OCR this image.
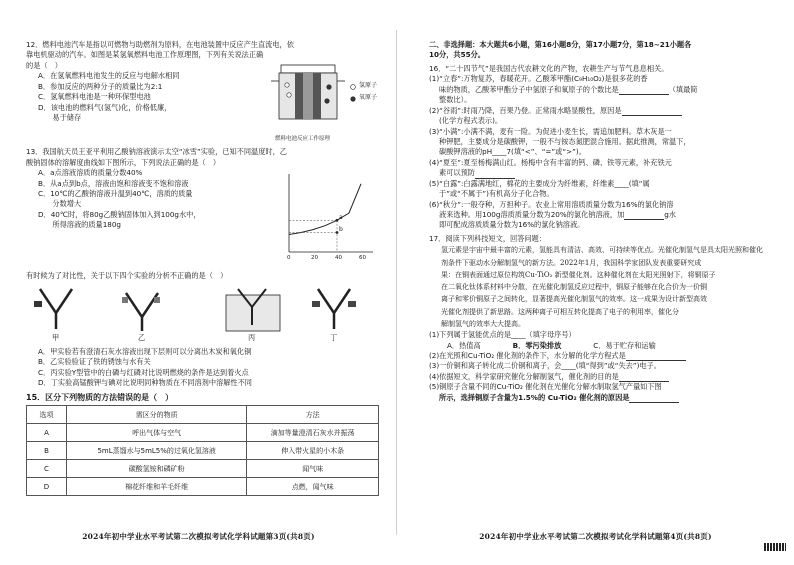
12．燃料电池汽车是指以可燃物与助燃剂为原料，在电池装置中反应产生直流电，依
靠电机驱动的汽车。如图是某氢氧燃料电池工作原理图，下列有关说法正确
的是（　）
A．在氢氧燃料电池发生的反应与电解水相同
B．参加反应的两种分子的质量比为2:1
C．氢氧燃料电池是一种环保型电池
D．该电池的燃料气(氢气)化，价格低廉，
　　易于储存
氢原子
氧原子
燃料电池反应工作原理
13．我国航天员王亚平利用乙酸钠溶液演示太空“冰雪”实验，已知不同温度时，乙
酸钠固体的溶解度曲线如下图所示，下列说法正确的是（　）
A．a点溶液溶质的质量分数40%
B．从a点到b点，溶液由饱和溶液变不饱和溶液
C．10℃的乙酸钠溶液升温到40℃，溶质的质量
　　分数增大
D．40℃时，将80g乙酸钠固体加入到100g水中，
　　所得溶液的质量180g
a
b
0	20	40	60
有时候为了对比性，关于以下四个实验的分析不正确的是（　）
甲	乙	丙	丁
A．甲实验若有澄清石灰水溶液出现下层则可以分离出木炭和氧化铜
B．乙实验验证了铁的锈蚀与水有关
C．丙实验Y型管中的白磷与红磷对比说明燃烧的条件是达到着火点
D．丁实验高锰酸钾与碘对比说明同种物质在不同溶剂中溶解性不同
15．区分下列物质的方法错误的是（　）
选项	需区分的物质	方法
A	呼出气体与空气	滴加等量澄清石灰水并振荡
B	5mL蒸馏水与5mL5%的过氧化氢溶液	伸入带火星的小木条
C	碳酸氢铵和磷矿粉	闻气味
D	棉花纤维和羊毛纤维	点燃，闻气味
2024年初中学业水平考试第二次模拟考试化学科试题第3页(共8页)
二、非选择题：本大题共6小题，第16小题8分，第17小题7分，第18~21小题各
10分，共55分。
16．“二十四节气”是我国古代农耕文化的产物，农耕生产与节气息息相关。
(1)“立春”:万物复苏，春暖花开。乙酸苯甲酯(C₉H₁₀O₂)是很多花的香
味的物质，乙酸苯甲酯分子中氢原子和氧原子的个数比是	（填最简
整数比）。
(2)“谷雨”:时雨乃降，百果乃登。正常雨水略显酸性，原因是
(化学方程式表示)。
(3)“小满”:小满不满，麦有一险。为促进小麦生长，需追加肥料。草木灰是一
种钾肥，主要成分是碳酸钾，一般不与铵态氮肥混合施用。据此推测，常温下，
碳酸钾溶液的pH____7(填“<”、“=”或“>”)。
(4)“夏至”:夏至杨梅满山红。杨梅中含有丰富的钙、磷、铁等元素，补充铁元
素可以预防
(5)“白露”:白露满地红，棉花的主要成分为纤维素，纤维素____(填“属
于”或“不属于”)有机高分子化合物。
(6)“秋分”:一般夺种，万担种子。农业上常用溶质质量分数为16%的氯化钠溶
液来选种。用100g溶质质量分数为20%的氯化钠溶液，加	g水
即可配成溶质质量分数为16%的氯化钠溶液。
17．阅读下列科技短文，回答问题：
氢元素是宇宙中最丰富的元素，氢能具有清洁、高效、可持续等优点。光催化制氢气是具太阳光照和催化
剂条件下驱动水分解制氢气的新方法。2022年1月，我国科学家团队发表重要研究成
果：在铜表面通过原位构筑Cu-TiO₂ 新型催化剂。这种催化剂在太阳光照射下，将铜原子
在二氧化钛体系材料中分散，在光催化制氢反应过程中，铜原子能够在化合价为一价铜
离子和零价铜原子之间转化，显著提高光催化制氢气的效率。这一成果为设计新型高效
光催化剂提供了新思路。这两种离子可相互转化提高了电子的利用率，催化分
解制氢气的效率大大提高。
(1)下列属于氢能优点的是____（填字母序号）
A．热值高	B．零污染排放	C．易于贮存和运输
(2)在光照和Cu-TiO₂ 催化剂的条件下，水分解的化学方程式是
(3)一价铜和离子转化成二价铜和离子，会____(填“得到”或“失去”)电子。
(4)依据短文，科学家研究催化分解制氢气，催化剂的目的是
(5)铜原子含量不同的Cu-TiO₂ 催化剂在光催化分解水制取氢气产量如下图
所示，选择铜原子含量为1.5%的 Cu-TiO₂ 催化剂的原因是
2024年初中学业水平考试第二次模拟考试化学科试题第4页(共8页)
